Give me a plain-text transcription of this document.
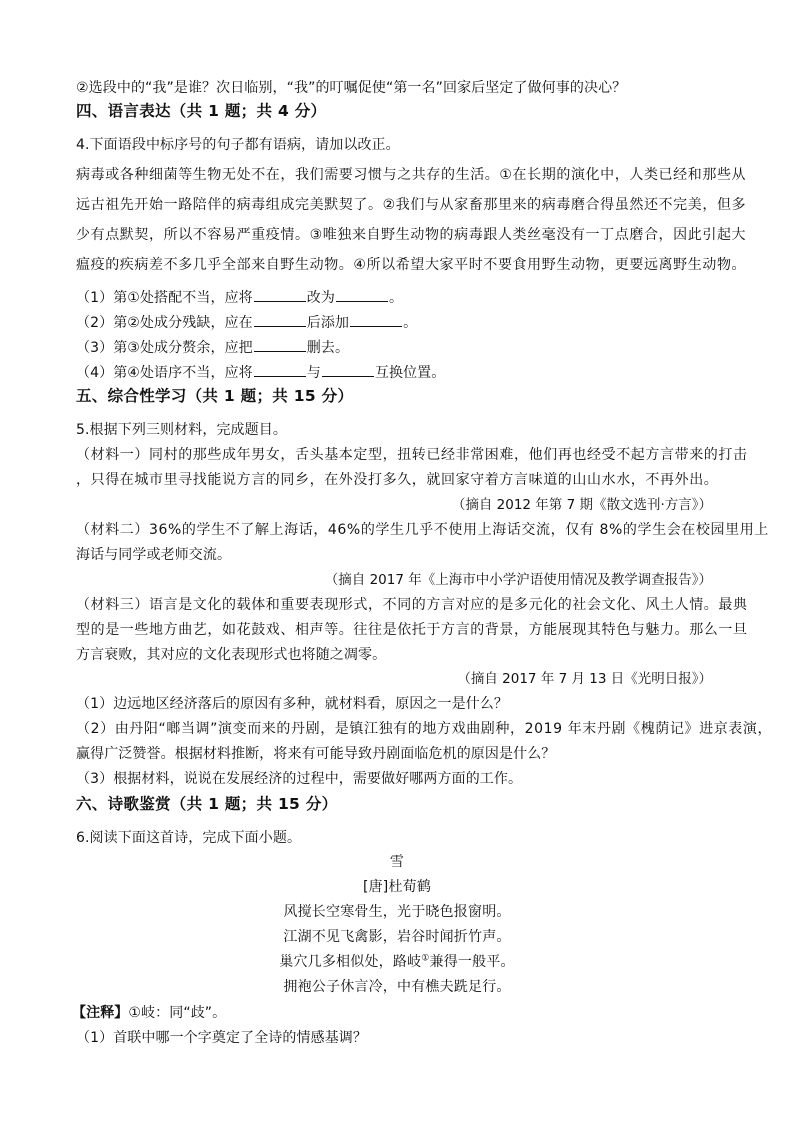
②选段中的“我”是谁？次日临别，“我”的叮嘱促使“第一名”回家后坚定了做何事的决心？
四、语言表达（共 1 题；共 4 分）
4.下面语段中标序号的句子都有语病，请加以改正。
病毒或各种细菌等生物无处不在，我们需要习惯与之共存的生活。①在长期的演化中，人类已经和那些从
远古祖先开始一路陪伴的病毒组成完美默契了。②我们与从家畜那里来的病毒磨合得虽然还不完美，但多
少有点默契，所以不容易严重疫情。③唯独来自野生动物的病毒跟人类丝毫没有一丁点磨合，因此引起大
瘟疫的疾病差不多几乎全部来自野生动物。④所以希望大家平时不要食用野生动物，更要远离野生动物。
（1）第①处搭配不当，应将	改为	。
（2）第②处成分残缺，应在	后添加	。
（3）第③处成分赘余，应把	删去。
（4）第④处语序不当，应将	与	互换位置。
五、综合性学习（共 1 题；共 15 分）
5.根据下列三则材料，完成题目。
（材料一）同村的那些成年男女，舌头基本定型，扭转已经非常困难，他们再也经受不起方言带来的打击
，只得在城市里寻找能说方言的同乡，在外没打多久，就回家守着方言味道的山山水水，不再外出。
（摘自 2012 年第 7 期《散文选刊·方言》）
（材料二）36%的学生不了解上海话，46%的学生几乎不使用上海话交流，仅有 8%的学生会在校园里用上
海话与同学或老师交流。
（摘自 2017 年《上海市中小学沪语使用情况及教学调查报告》）
（材料三）语言是文化的载体和重要表现形式，不同的方言对应的是多元化的社会文化、风土人情。最典
型的是一些地方曲艺，如花鼓戏、相声等。往往是依托于方言的背景，方能展现其特色与魅力。那么一旦
方言衰败，其对应的文化表现形式也将随之凋零。
（摘自 2017 年 7 月 13 日《光明日报》）
（1）边远地区经济落后的原因有多种，就材料看，原因之一是什么？
（2）由丹阳“啷当调”演变而来的丹剧，是镇江独有的地方戏曲剧种，2019 年末丹剧《槐荫记》进京表演，
赢得广泛赞誉。根据材料推断，将来有可能导致丹剧面临危机的原因是什么？
（3）根据材料，说说在发展经济的过程中，需要做好哪两方面的工作。
六、诗歌鉴赏（共 1 题；共 15 分）
6.阅读下面这首诗，完成下面小题。
雪
[唐]杜荀鹤
风搅长空寒骨生，光于晓色报窗明。
江湖不见飞禽影，岩谷时闻折竹声。
巢穴几多相似处，路岐①兼得一般平。
拥袍公子休言冷，中有樵夫跣足行。
【注释】①岐：同“歧”。
（1）首联中哪一个字奠定了全诗的情感基调？
